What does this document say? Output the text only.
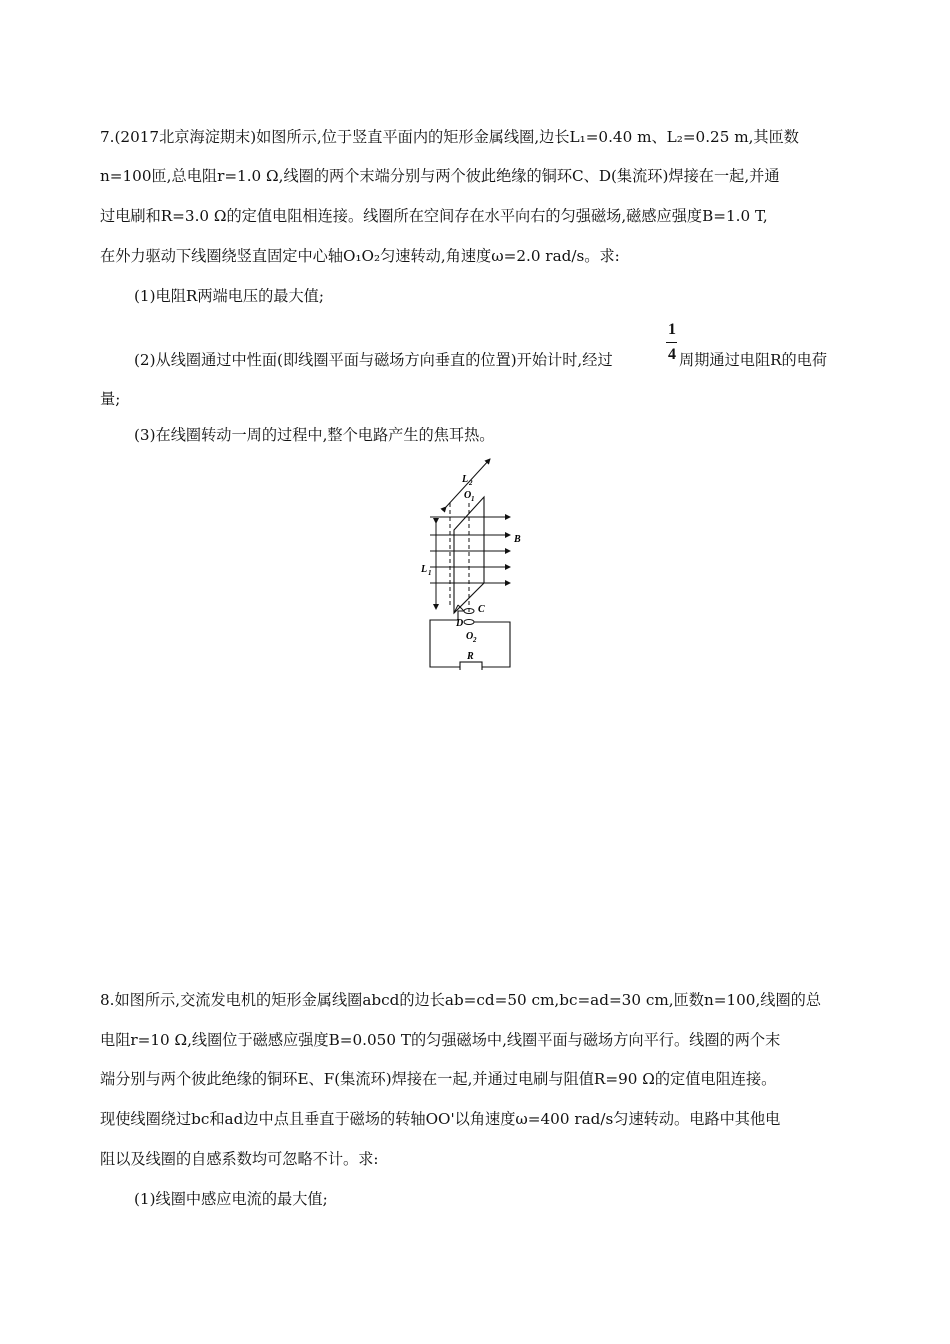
7.(2017北京海淀期末)如图所示,位于竖直平面内的矩形金属线圈,边长L₁=0.40 m、L₂=0.25 m,其匝数
n=100匝,总电阻r=1.0 Ω,线圈的两个末端分别与两个彼此绝缘的铜环C、D(集流环)焊接在一起,并通
过电刷和R=3.0 Ω的定值电阻相连接。线圈所在空间存在水平向右的匀强磁场,磁感应强度B=1.0 T,
在外力驱动下线圈绕竖直固定中心轴O₁O₂匀速转动,角速度ω=2.0 rad/s。求:
(1)电阻R两端电压的最大值;
(2)从线圈通过中性面(即线圈平面与磁场方向垂直的位置)开始计时,经过
1
4 周期通过电阻R的电荷
量;
(3)在线圈转动一周的过程中,整个电路产生的焦耳热。
L 2
O 1
B
L 1
C
D
O 2
R
8.如图所示,交流发电机的矩形金属线圈abcd的边长ab=cd=50 cm,bc=ad=30 cm,匝数n=100,线圈的总
电阻r=10 Ω,线圈位于磁感应强度B=0.050 T的匀强磁场中,线圈平面与磁场方向平行。线圈的两个末
端分别与两个彼此绝缘的铜环E、F(集流环)焊接在一起,并通过电刷与阻值R=90 Ω的定值电阻连接。
现使线圈绕过bc和ad边中点且垂直于磁场的转轴OO'以角速度ω=400 rad/s匀速转动。电路中其他电
阻以及线圈的自感系数均可忽略不计。求:
(1)线圈中感应电流的最大值;
